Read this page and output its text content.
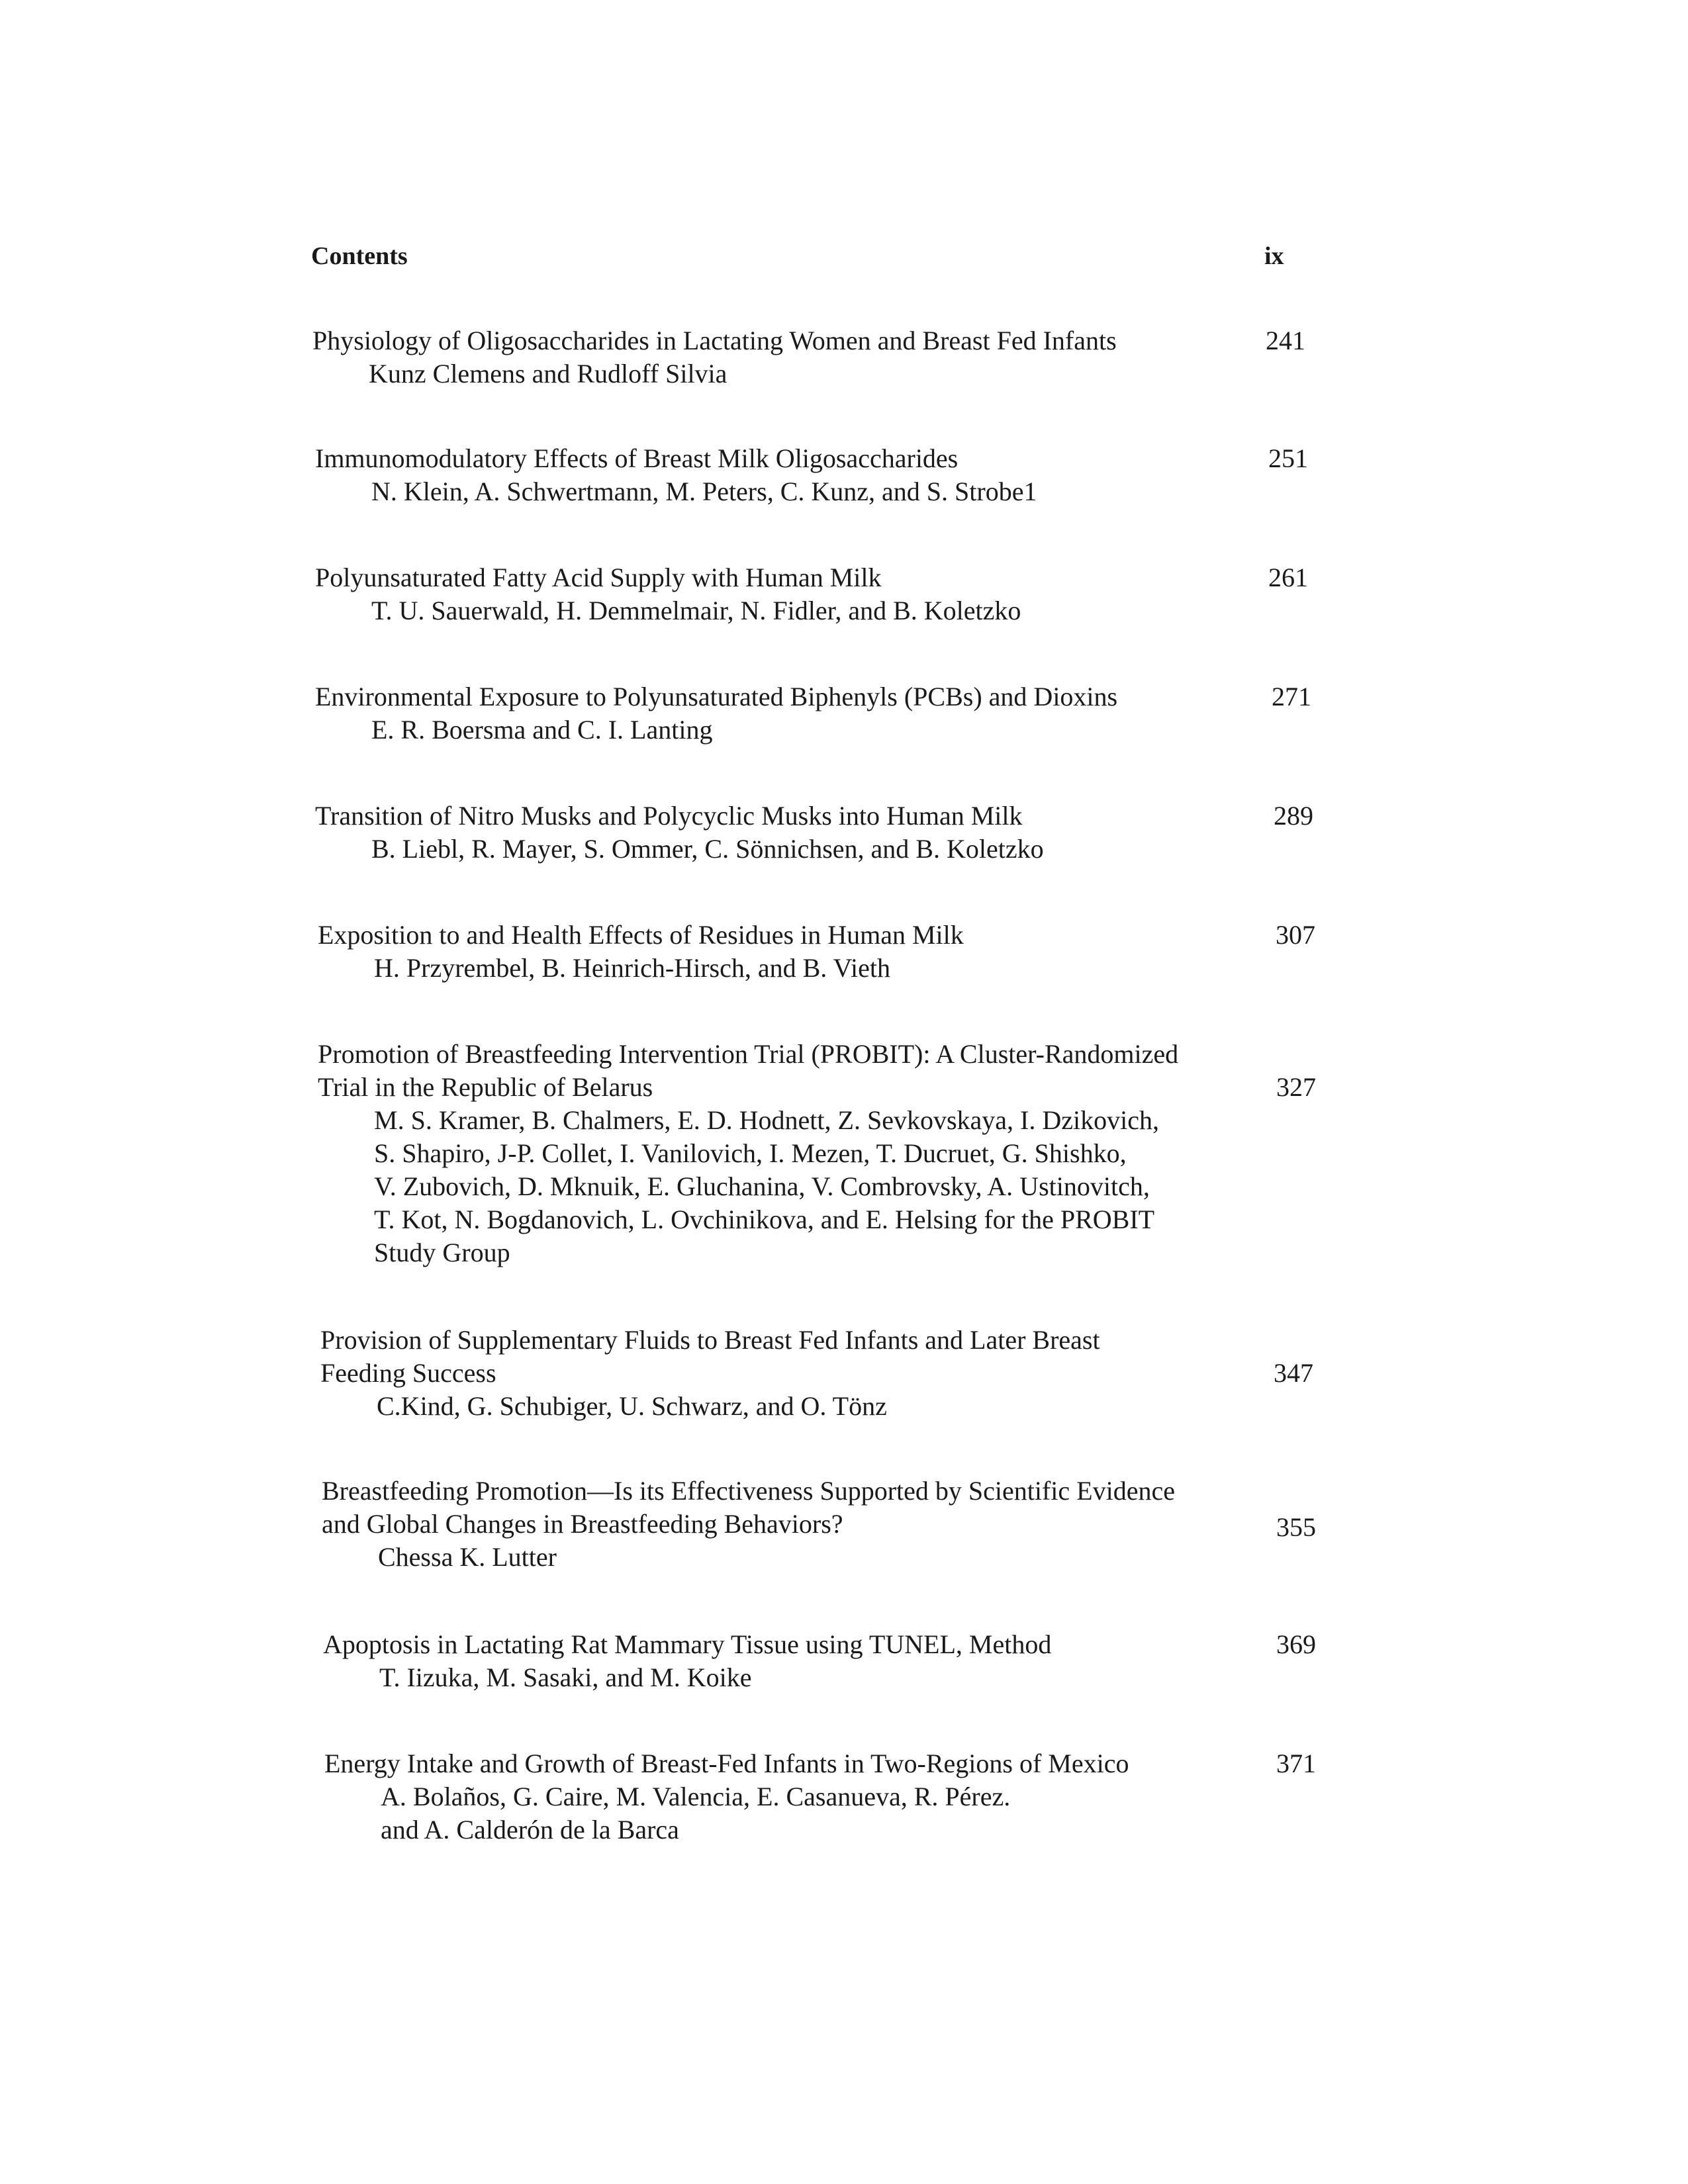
Contents	ix
Physiology of Oligosaccharides in Lactating Women and Breast Fed Infants
Kunz Clemens and Rudloff Silvia
241
Immunomodulatory Effects of Breast Milk Oligosaccharides
N. Klein, A. Schwertmann, M. Peters, C. Kunz, and S. Strobe1
251
Polyunsaturated Fatty Acid Supply with Human Milk
T. U. Sauerwald, H. Demmelmair, N. Fidler, and B. Koletzko
261
Environmental Exposure to Polyunsaturated Biphenyls (PCBs) and Dioxins
E. R. Boersma and C. I. Lanting
271
Transition of Nitro Musks and Polycyclic Musks into Human Milk
B. Liebl, R. Mayer, S. Ommer, C. Sönnichsen, and B. Koletzko
289
Exposition to and Health Effects of Residues in Human Milk
H. Przyrembel, B. Heinrich-Hirsch, and B. Vieth
307
Promotion of Breastfeeding Intervention Trial (PROBIT): A Cluster-Randomized
Trial in the Republic of Belarus
M. S. Kramer, B. Chalmers, E. D. Hodnett, Z. Sevkovskaya, I. Dzikovich,
S. Shapiro, J-P. Collet, I. Vanilovich, I. Mezen, T. Ducruet, G. Shishko,
V. Zubovich, D. Mknuik, E. Gluchanina, V. Combrovsky, A. Ustinovitch,
T. Kot, N. Bogdanovich, L. Ovchinikova, and E. Helsing for the PROBIT
Study Group
327
Provision of Supplementary Fluids to Breast Fed Infants and Later Breast
Feeding Success
C.Kind, G. Schubiger, U. Schwarz, and O. Tönz
347
Breastfeeding Promotion—Is its Effectiveness Supported by Scientific Evidence
and Global Changes in Breastfeeding Behaviors?
Chessa K. Lutter
355
Apoptosis in Lactating Rat Mammary Tissue using TUNEL, Method
T. Iizuka, M. Sasaki, and M. Koike
369
Energy Intake and Growth of Breast-Fed Infants in Two-Regions of Mexico
A. Bolaños, G. Caire, M. Valencia, E. Casanueva, R. Pérez.
and A. Calderón de la Barca
371
